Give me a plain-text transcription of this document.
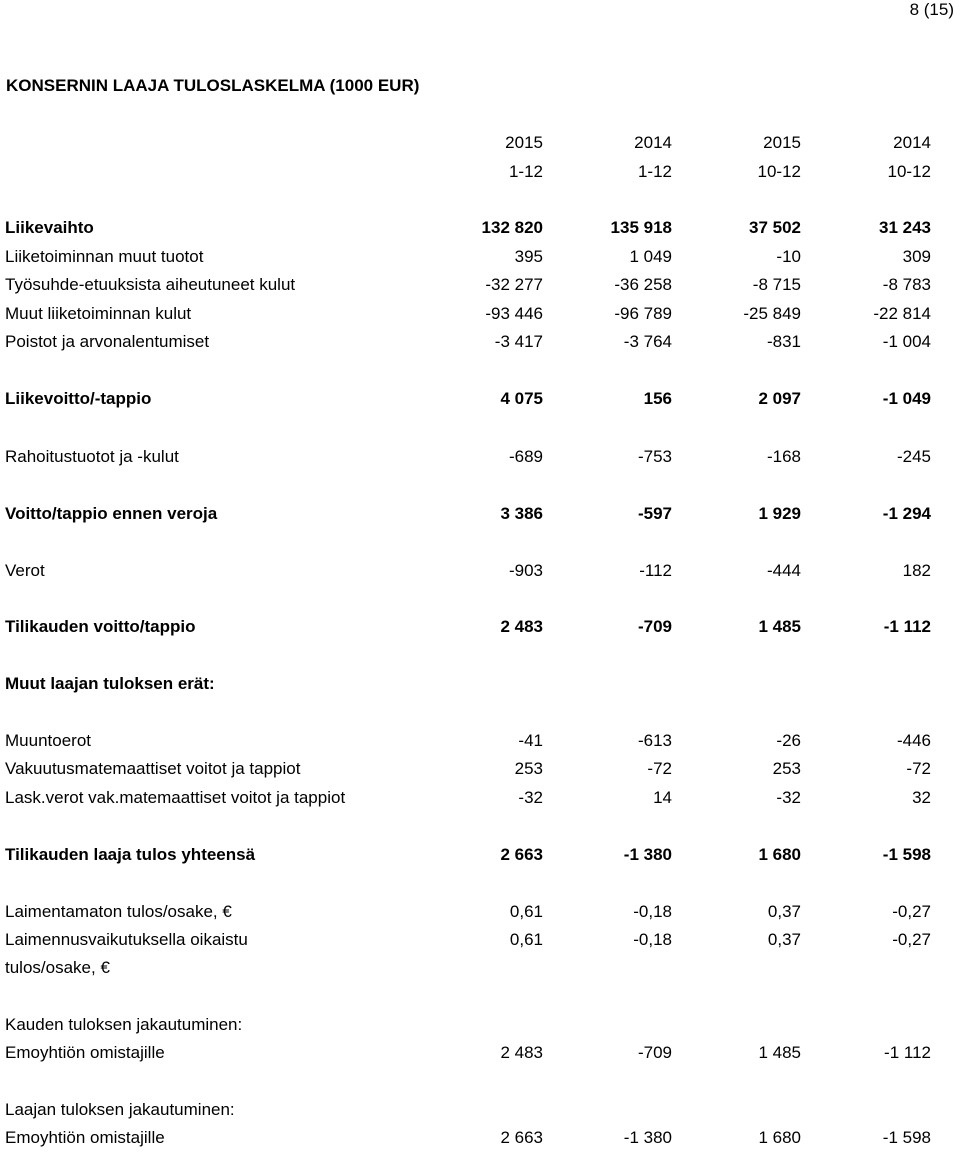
8 (15)
KONSERNIN LAAJA TULOSLASKELMA (1000 EUR)
2015	2014	2015	2014
1-12	1-12	10-12	10-12
Liikevaihto	132 820	135 918	37 502	31 243
Liiketoiminnan muut tuotot	395	1 049	-10	309
Työsuhde-etuuksista aiheutuneet kulut	-32 277	-36 258	-8 715	-8 783
Muut liiketoiminnan kulut	-93 446	-96 789	-25 849	-22 814
Poistot ja arvonalentumiset	-3 417	-3 764	-831	-1 004
Liikevoitto/-tappio	4 075	156	2 097	-1 049
Rahoitustuotot ja -kulut	-689	-753	-168	-245
Voitto/tappio ennen veroja	3 386	-597	1 929	-1 294
Verot	-903	-112	-444	182
Tilikauden voitto/tappio	2 483	-709	1 485	-1 112
Muut laajan tuloksen erät:
Muuntoerot	-41	-613	-26	-446
Vakuutusmatemaattiset voitot ja tappiot	253	-72	253	-72
Lask.verot vak.matemaattiset voitot ja tappiot	-32	14	-32	32
Tilikauden laaja tulos yhteensä	2 663	-1 380	1 680	-1 598
Laimentamaton tulos/osake, €	0,61	-0,18	0,37	-0,27
Laimennusvaikutuksella oikaistu	0,61	-0,18	0,37	-0,27
tulos/osake, €
Kauden tuloksen jakautuminen:
Emoyhtiön omistajille	2 483	-709	1 485	-1 112
Laajan tuloksen jakautuminen:
Emoyhtiön omistajille	2 663	-1 380	1 680	-1 598
